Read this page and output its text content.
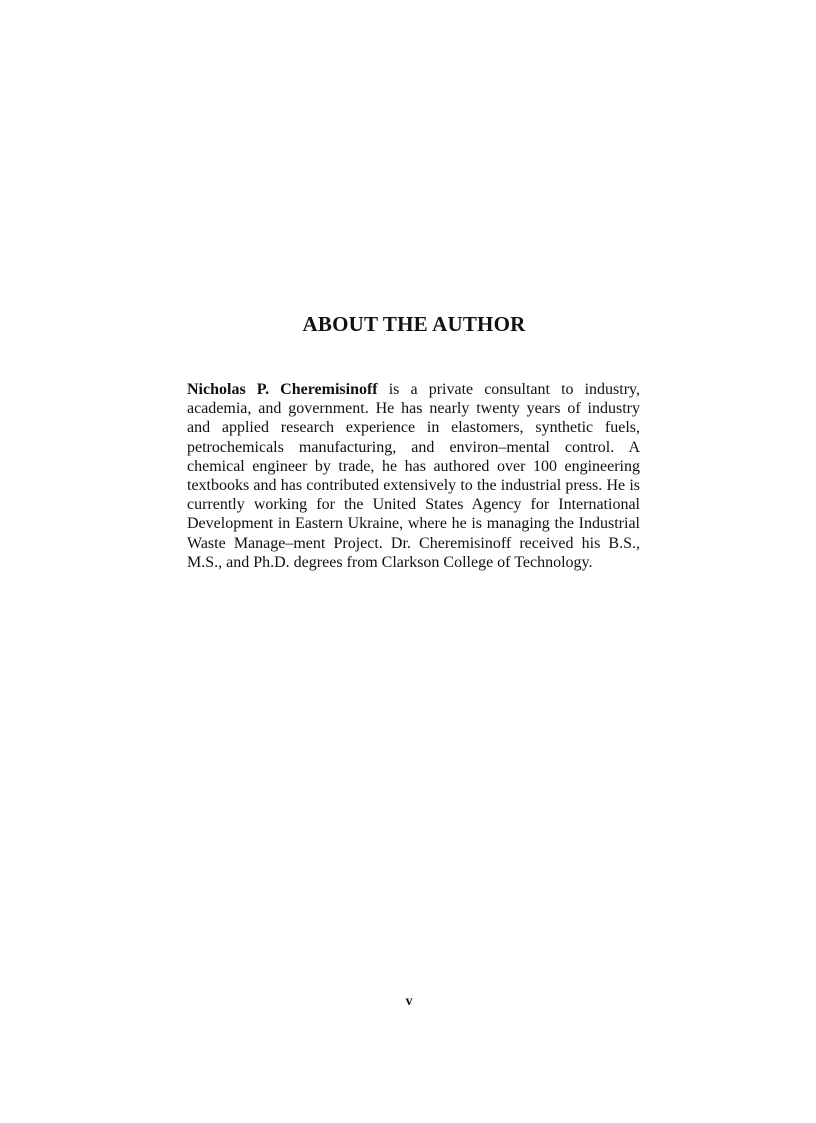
ABOUT THE AUTHOR

Nicholas P. Cheremisinoff is a private consultant to industry, academia, and government. He has nearly twenty years of industry and applied research experience in elastomers, synthetic fuels, petrochemicals manufacturing, and environ–mental control. A chemical engineer by trade, he has authored over 100 engineering textbooks and has contributed extensively to the industrial press. He is currently working for the United States Agency for International Development in Eastern Ukraine, where he is managing the Industrial Waste Manage–ment Project. Dr. Cheremisinoff received his B.S., M.S., and Ph.D. degrees from Clarkson College of Technology.

v
